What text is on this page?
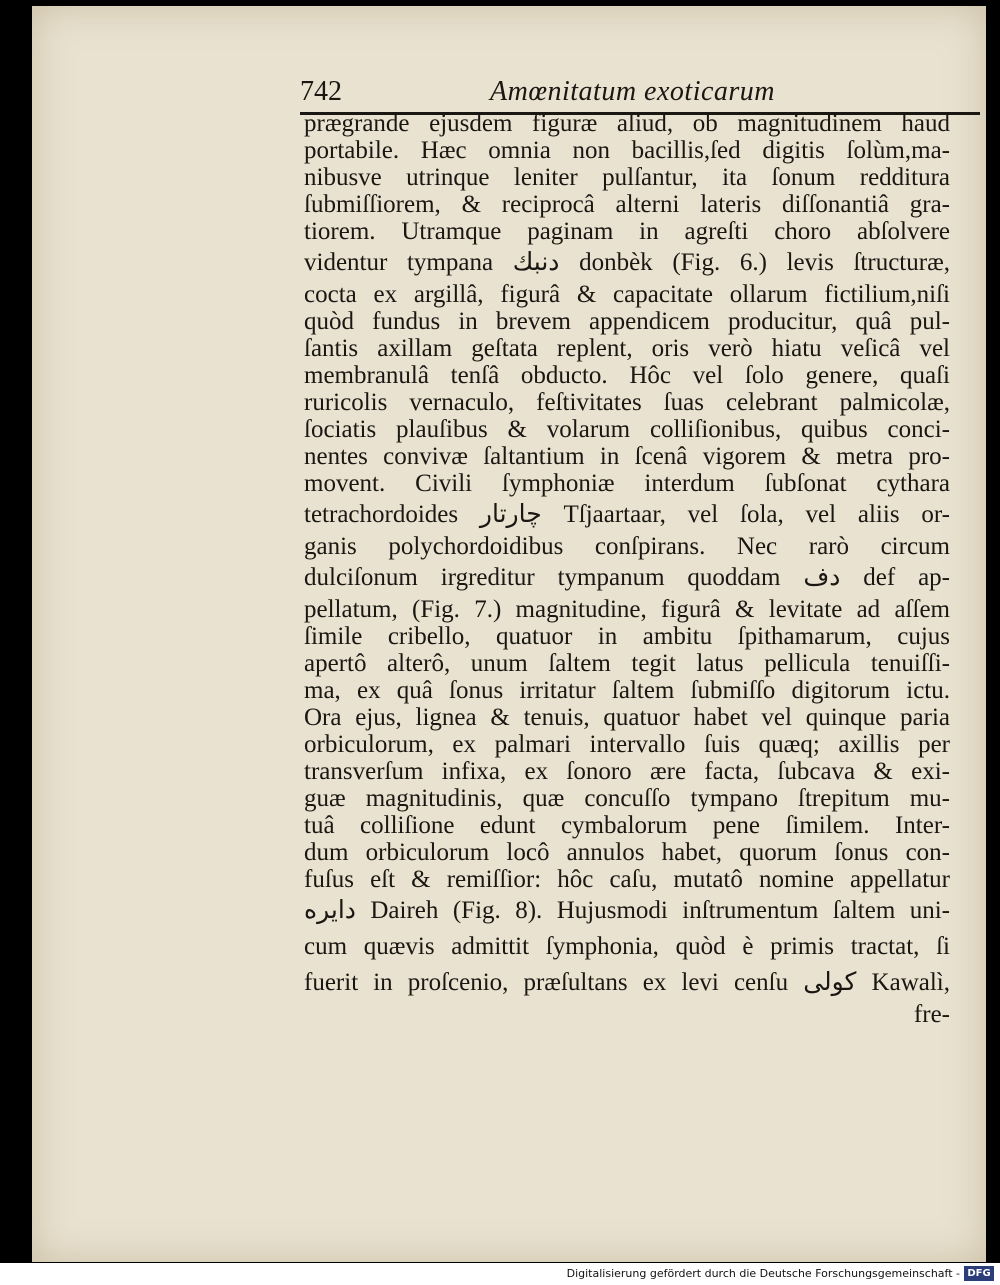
742	Amœnitatum exoticarum
prægrande ejusdem figuræ aliud, ob magnitudinem haud
portabile. Hæc omnia non bacillis,ſed digitis ſolùm,ma-
nibusve utrinque leniter pulſantur, ita ſonum redditura
ſubmiſſiorem, & reciprocâ alterni lateris diſſonantiâ gra-
tiorem. Utramque paginam in agreſti choro abſolvere
videntur tympana دنبك donbèk (Fig. 6.) levis ſtructuræ,
cocta ex argillâ, figurâ & capacitate ollarum fictilium,niſi
quòd fundus in brevem appendicem producitur, quâ pul-
ſantis axillam geſtata replent, oris verò hiatu veſicâ vel
membranulâ tenſâ obducto. Hôc vel ſolo genere, quaſi
ruricolis vernaculo, feſtivitates ſuas celebrant palmicolæ,
ſociatis plauſibus & volarum colliſionibus, quibus conci-
nentes convivæ ſaltantium in ſcenâ vigorem & metra pro-
movent. Civili ſymphoniæ interdum ſubſonat cythara
tetrachordoides چارتار Tſjaartaar, vel ſola, vel aliis or-
ganis polychordoidibus conſpirans. Nec rarò circum
dulciſonum irgreditur tympanum quoddam دف def ap-
pellatum, (Fig. 7.) magnitudine, figurâ & levitate ad aſſem
ſimile cribello, quatuor in ambitu ſpithamarum, cujus
apertô alterô, unum ſaltem tegit latus pellicula tenuiſſi-
ma, ex quâ ſonus irritatur ſaltem ſubmiſſo digitorum ictu.
Ora ejus, lignea & tenuis, quatuor habet vel quinque paria
orbiculorum, ex palmari intervallo ſuis quæq; axillis per
transverſum infixa, ex ſonoro ære facta, ſubcava & exi-
guæ magnitudinis, quæ concuſſo tympano ſtrepitum mu-
tuâ colliſione edunt cymbalorum pene ſimilem. Inter-
dum orbiculorum locô annulos habet, quorum ſonus con-
fuſus eſt & remiſſior: hôc caſu, mutatô nomine appellatur
دايره Daireh (Fig. 8). Hujusmodi inſtrumentum ſaltem uni-
cum quævis admittit ſymphonia, quòd è primis tractat, ſi
fuerit in proſcenio, præſultans ex levi cenſu كولى Kawalì,
fre-
Digitalisierung gefördert durch die Deutsche Forschungsgemeinschaft - DFG
